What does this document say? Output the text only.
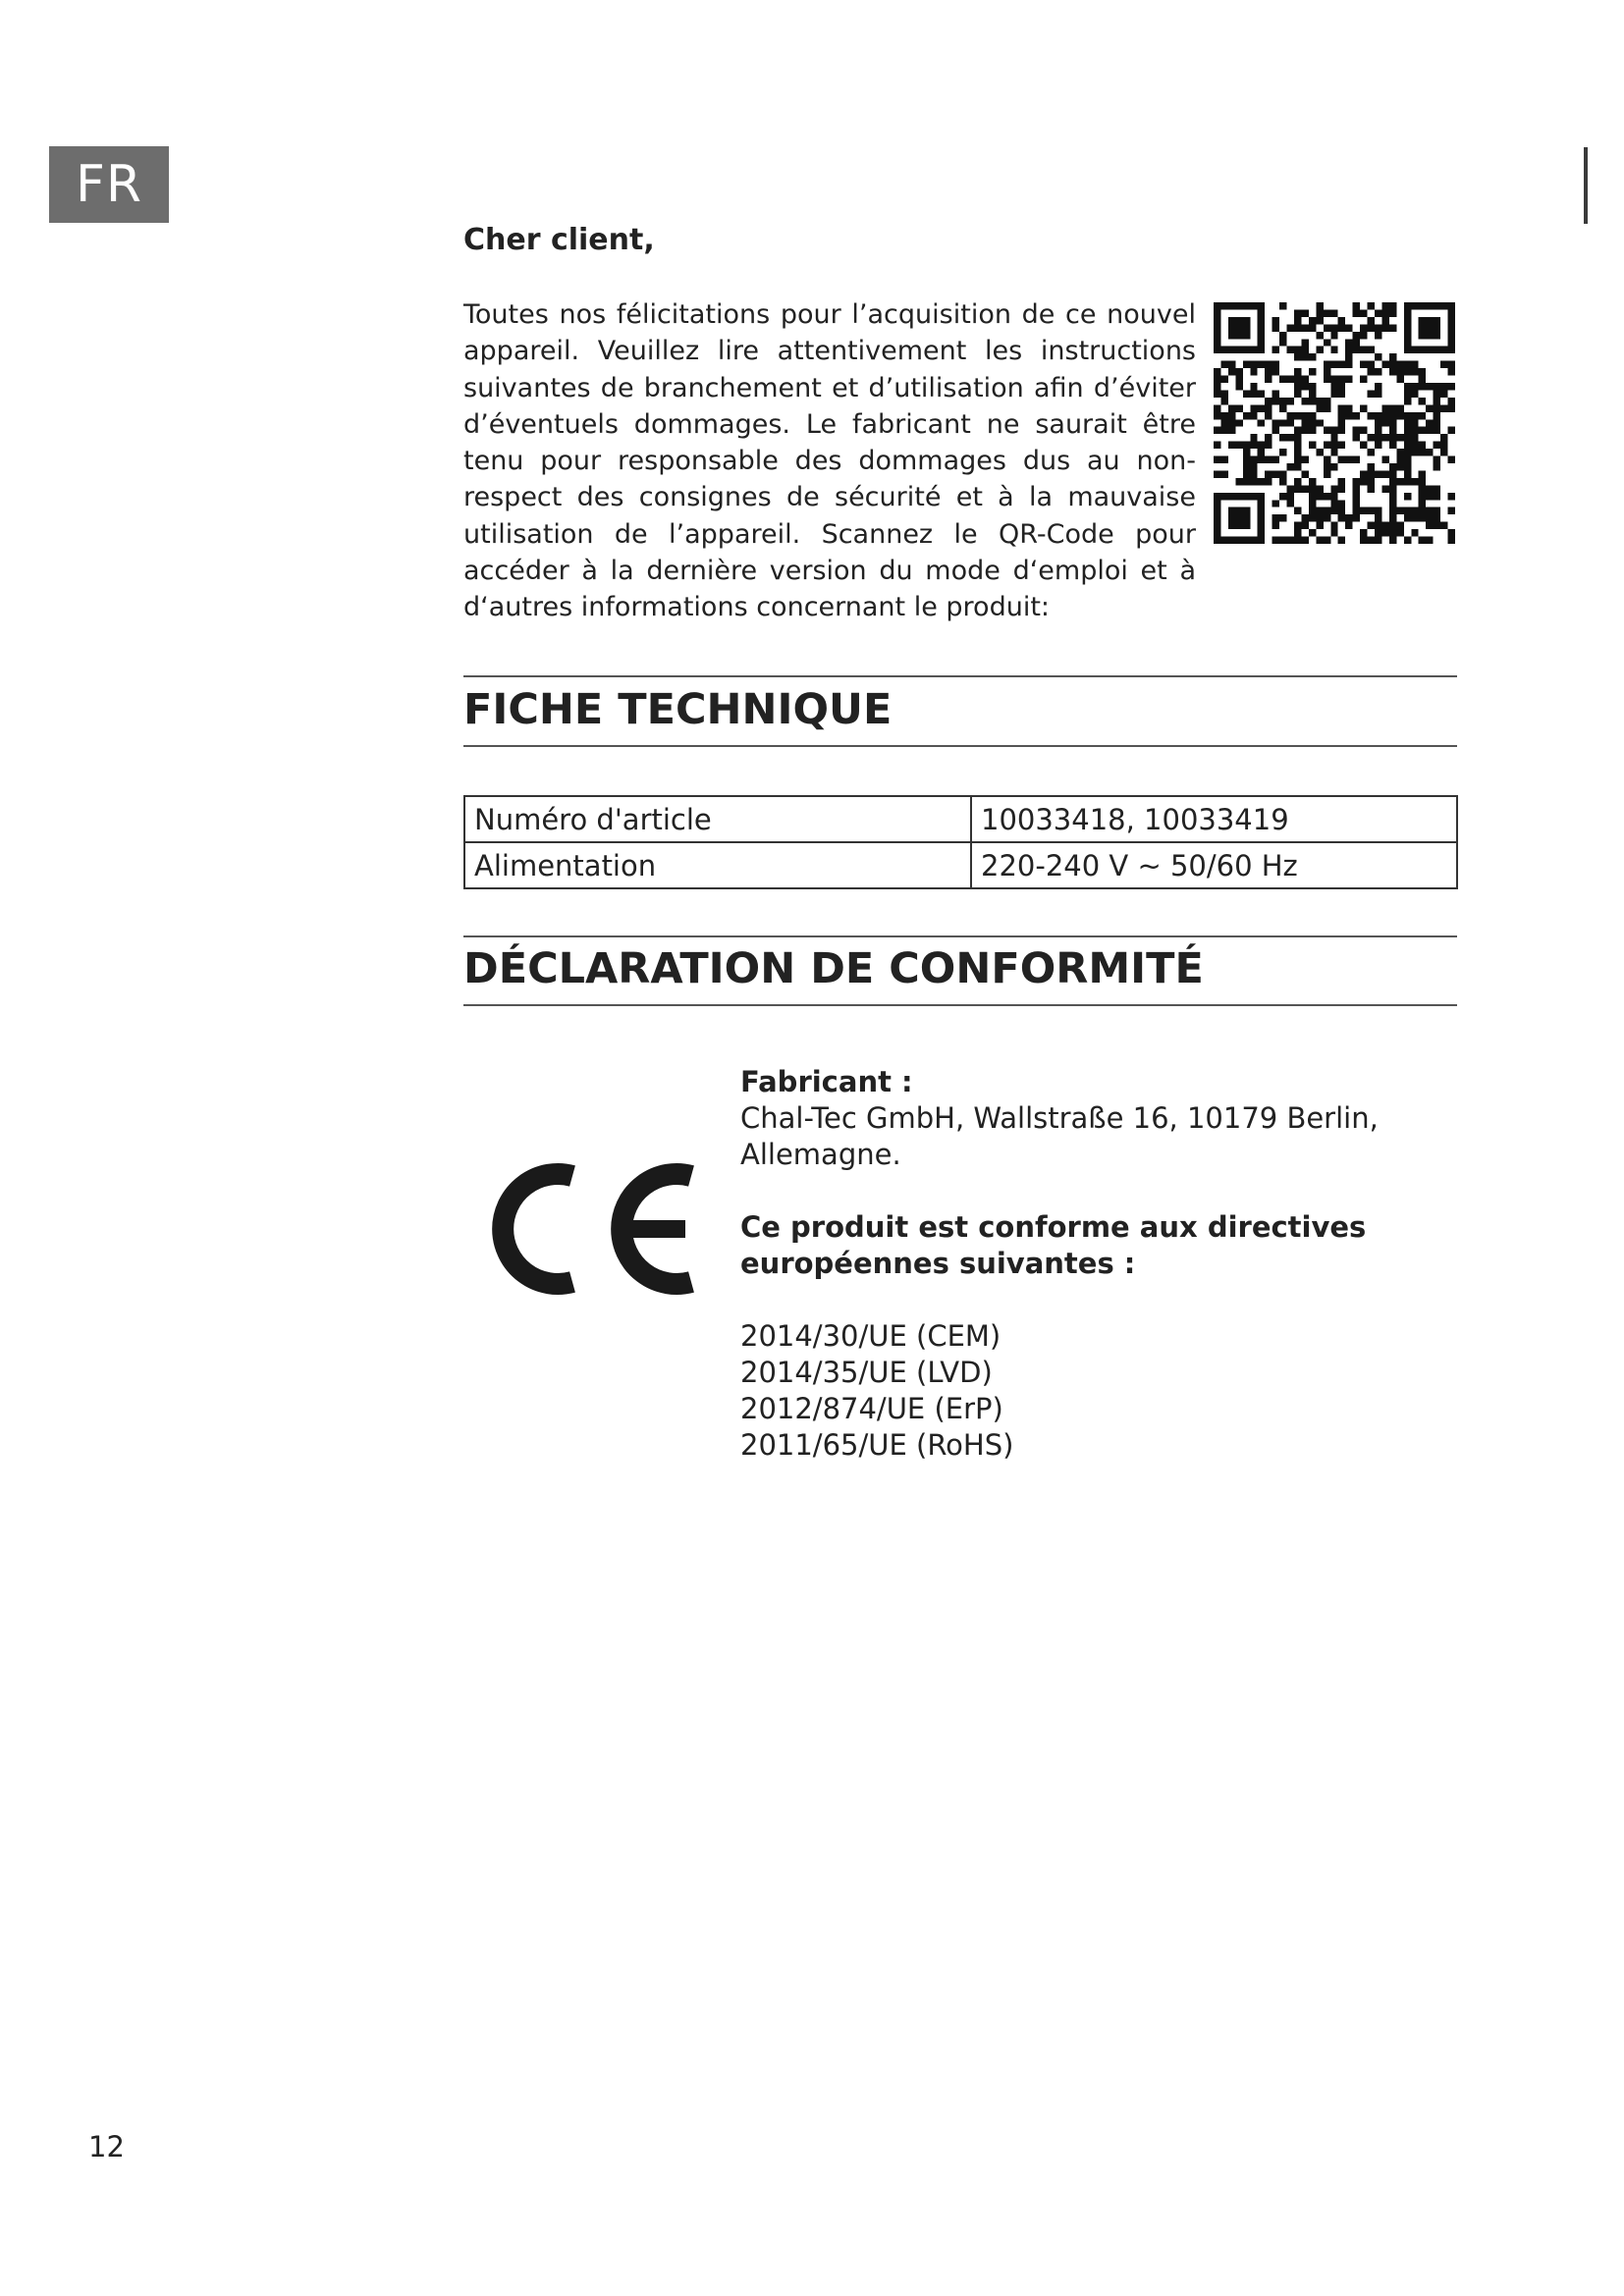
FR

Cher client,

Toutes nos félicitations pour l’acquisition de ce nouvel appareil. Veuillez lire attentivement les instructions suivantes de branchement et d’utilisation afin d’éviter d’éventuels dommages. Le fabricant ne saurait être tenu pour responsable des dommages dus au non-respect des consignes de sécurité et à la mauvaise utilisation de l’appareil. Scannez le QR-Code pour accéder à la dernière version du mode d‘emploi et à d‘autres informations concernant le produit:

FICHE TECHNIQUE
Numéro d'article	10033418, 10033419
Alimentation	220-240 V ~ 50/60 Hz
DÉCLARATION DE CONFORMITÉ

Fabricant :

Chal-Tec GmbH, Wallstraße 16, 10179 Berlin,

Allemagne.

Ce produit est conforme aux directives européennes suivantes :

2014/30/UE (CEM)

2014/35/UE (LVD)

2012/874/UE (ErP)

2011/65/UE (RoHS)

12
